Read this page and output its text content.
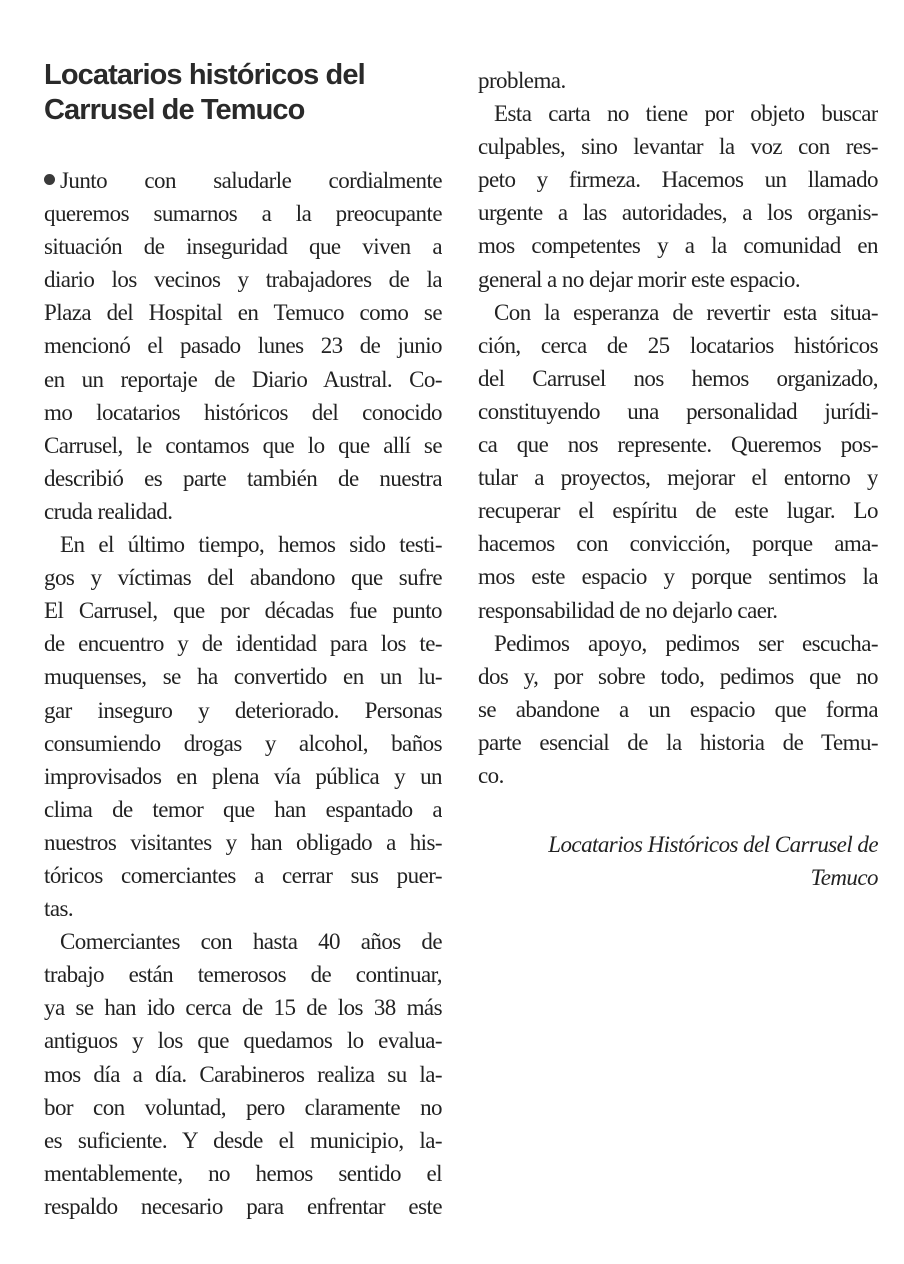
Locatarios históricos del
Carrusel de Temuco
Junto con saludarle cordialmente
queremos sumarnos a la preocupante
situación de inseguridad que viven a
diario los vecinos y trabajadores de la
Plaza del Hospital en Temuco como se
mencionó el pasado lunes 23 de junio
en un reportaje de Diario Austral. Co-
mo locatarios históricos del conocido
Carrusel, le contamos que lo que allí se
describió es parte también de nuestra
cruda realidad.
En el último tiempo, hemos sido testi-
gos y víctimas del abandono que sufre
El Carrusel, que por décadas fue punto
de encuentro y de identidad para los te-
muquenses, se ha convertido en un lu-
gar inseguro y deteriorado. Personas
consumiendo drogas y alcohol, baños
improvisados en plena vía pública y un
clima de temor que han espantado a
nuestros visitantes y han obligado a his-
tóricos comerciantes a cerrar sus puer-
tas.
Comerciantes con hasta 40 años de
trabajo están temerosos de continuar,
ya se han ido cerca de 15 de los 38 más
antiguos y los que quedamos lo evalua-
mos día a día. Carabineros realiza su la-
bor con voluntad, pero claramente no
es suficiente. Y desde el municipio, la-
mentablemente, no hemos sentido el
respaldo necesario para enfrentar este
problema.
Esta carta no tiene por objeto buscar
culpables, sino levantar la voz con res-
peto y firmeza. Hacemos un llamado
urgente a las autoridades, a los organis-
mos competentes y a la comunidad en
general a no dejar morir este espacio.
Con la esperanza de revertir esta situa-
ción, cerca de 25 locatarios históricos
del Carrusel nos hemos organizado,
constituyendo una personalidad jurídi-
ca que nos represente. Queremos pos-
tular a proyectos, mejorar el entorno y
recuperar el espíritu de este lugar. Lo
hacemos con convicción, porque ama-
mos este espacio y porque sentimos la
responsabilidad de no dejarlo caer.
Pedimos apoyo, pedimos ser escucha-
dos y, por sobre todo, pedimos que no
se abandone a un espacio que forma
parte esencial de la historia de Temu-
co.
Locatarios Históricos del Carrusel de
Temuco
